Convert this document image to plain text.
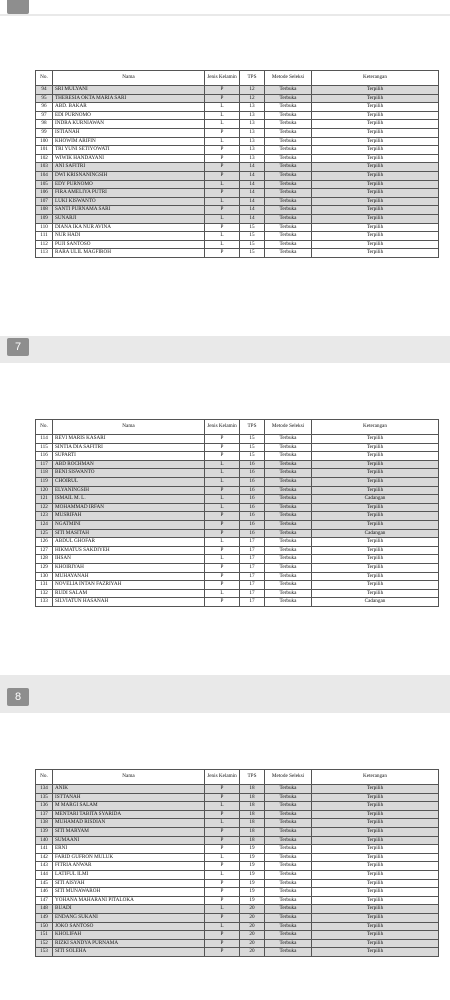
No.	Nama	Jenis Kelamin	TPS	Metode Seleksi	Keterangan
94	SRI MULYANI	P	12	Terbuka	Terpilih
95	THERESIA OKTA MARIA SARI	P	12	Terbuka	Terpilih
96	ABD. BAKAR	L	13	Terbuka	Terpilih
97	EDI PURNOMO	L	13	Terbuka	Terpilih
98	INDRA KURNIAWAN	L	13	Terbuka	Terpilih
99	ISTIANAH	P	13	Terbuka	Terpilih
100	KHOWIM ARIFIN	L	13	Terbuka	Terpilih
101	TRI YUNI SETIYOWATI	P	13	Terbuka	Terpilih
102	WIWIK HANDAYANI	P	13	Terbuka	Terpilih
103	ANI SAFITRI	P	14	Terbuka	Terpilih
104	DWI KRISNANINGSIH	P	14	Terbuka	Terpilih
105	EDY PURNOMO	L	14	Terbuka	Terpilih
106	FIRA AMELIYA PUTRI	P	14	Terbuka	Terpilih
107	LUKI KISWANTO	L	14	Terbuka	Terpilih
108	SANTI PURNAMA SARI	P	14	Terbuka	Terpilih
109	SUNARJI	L	14	Terbuka	Terpilih
110	DIANA IKA NUR AVINA	P	15	Terbuka	Terpilih
111	NUR HADI	L	15	Terbuka	Terpilih
112	PUJI SANTOSO	L	15	Terbuka	Terpilih
113	RARA ULIL MAGFIROH	P	15	Terbuka	Terpilih
7
No.	Nama	Jenis Kelamin	TPS	Metode Seleksi	Keterangan
114	REVI MARIS KASARI	P	15	Terbuka	Terpilih
115	SINTIA DIA SAFITRI	P	15	Terbuka	Terpilih
116	SUPARTI	P	15	Terbuka	Terpilih
117	ABD ROCHMAN	L	16	Terbuka	Terpilih
118	BENI SISWANTO	L	16	Terbuka	Terpilih
119	CHOIRUL	L	16	Terbuka	Terpilih
120	ELYANINGSIH	P	16	Terbuka	Terpilih
121	ISMAIL M. L.	L	16	Terbuka	Cadangan
122	MOHAMMAD IRFAN	L	16	Terbuka	Terpilih
123	MUSRIFAH	P	16	Terbuka	Terpilih
124	NGATMINI	P	16	Terbuka	Terpilih
125	SITI MASITAH	P	16	Terbuka	Cadangan
126	ABDUL GHOFAR	L	17	Terbuka	Terpilih
127	HIKMATUS SAKDIYEH	P	17	Terbuka	Terpilih
128	IHSAN	L	17	Terbuka	Terpilih
129	KHOIRIYAH	P	17	Terbuka	Terpilih
130	MUHAYANAH	P	17	Terbuka	Terpilih
131	NOVELIA INTAN FAZRIYAH	P	17	Terbuka	Terpilih
132	RUDI SALAM	L	17	Terbuka	Terpilih
133	SILVIATUN HASANAH	P	17	Terbuka	Cadangan
8
No.	Nama	Jenis Kelamin	TPS	Metode Seleksi	Keterangan
134	ANIK	P	18	Terbuka	Terpilih
135	ISTTANAH	P	18	Terbuka	Terpilih
136	M MARGI SALAM	L	18	Terbuka	Terpilih
137	MENTARI TABITA SYARIDA	P	18	Terbuka	Terpilih
138	MUHAMAD RISDIAN	L	18	Terbuka	Terpilih
139	SITI MARYAM	P	18	Terbuka	Terpilih
140	SUMAANI	P	18	Terbuka	Terpilih
141	ERNI	P	19	Terbuka	Terpilih
142	FARID GUFRON MULUK	L	19	Terbuka	Terpilih
143	FITRIA ANWAR	P	19	Terbuka	Terpilih
144	LATIFUL ILMI	L	19	Terbuka	Terpilih
145	SITI AISYAH	P	19	Terbuka	Terpilih
146	SITI MUNAWAROH	P	19	Terbuka	Terpilih
147	YOHANA MAHARANI PITALOKA	P	19	Terbuka	Terpilih
148	BUADI	L	20	Terbuka	Terpilih
149	ENDANG SUKANI	P	20	Terbuka	Terpilih
150	JOKO SANTOSO	L	20	Terbuka	Terpilih
151	KHOLIFAH	P	20	Terbuka	Terpilih
152	RIZKI SANDYA PURNAMA	P	20	Terbuka	Terpilih
153	SITI SOLEHA	P	20	Terbuka	Terpilih
